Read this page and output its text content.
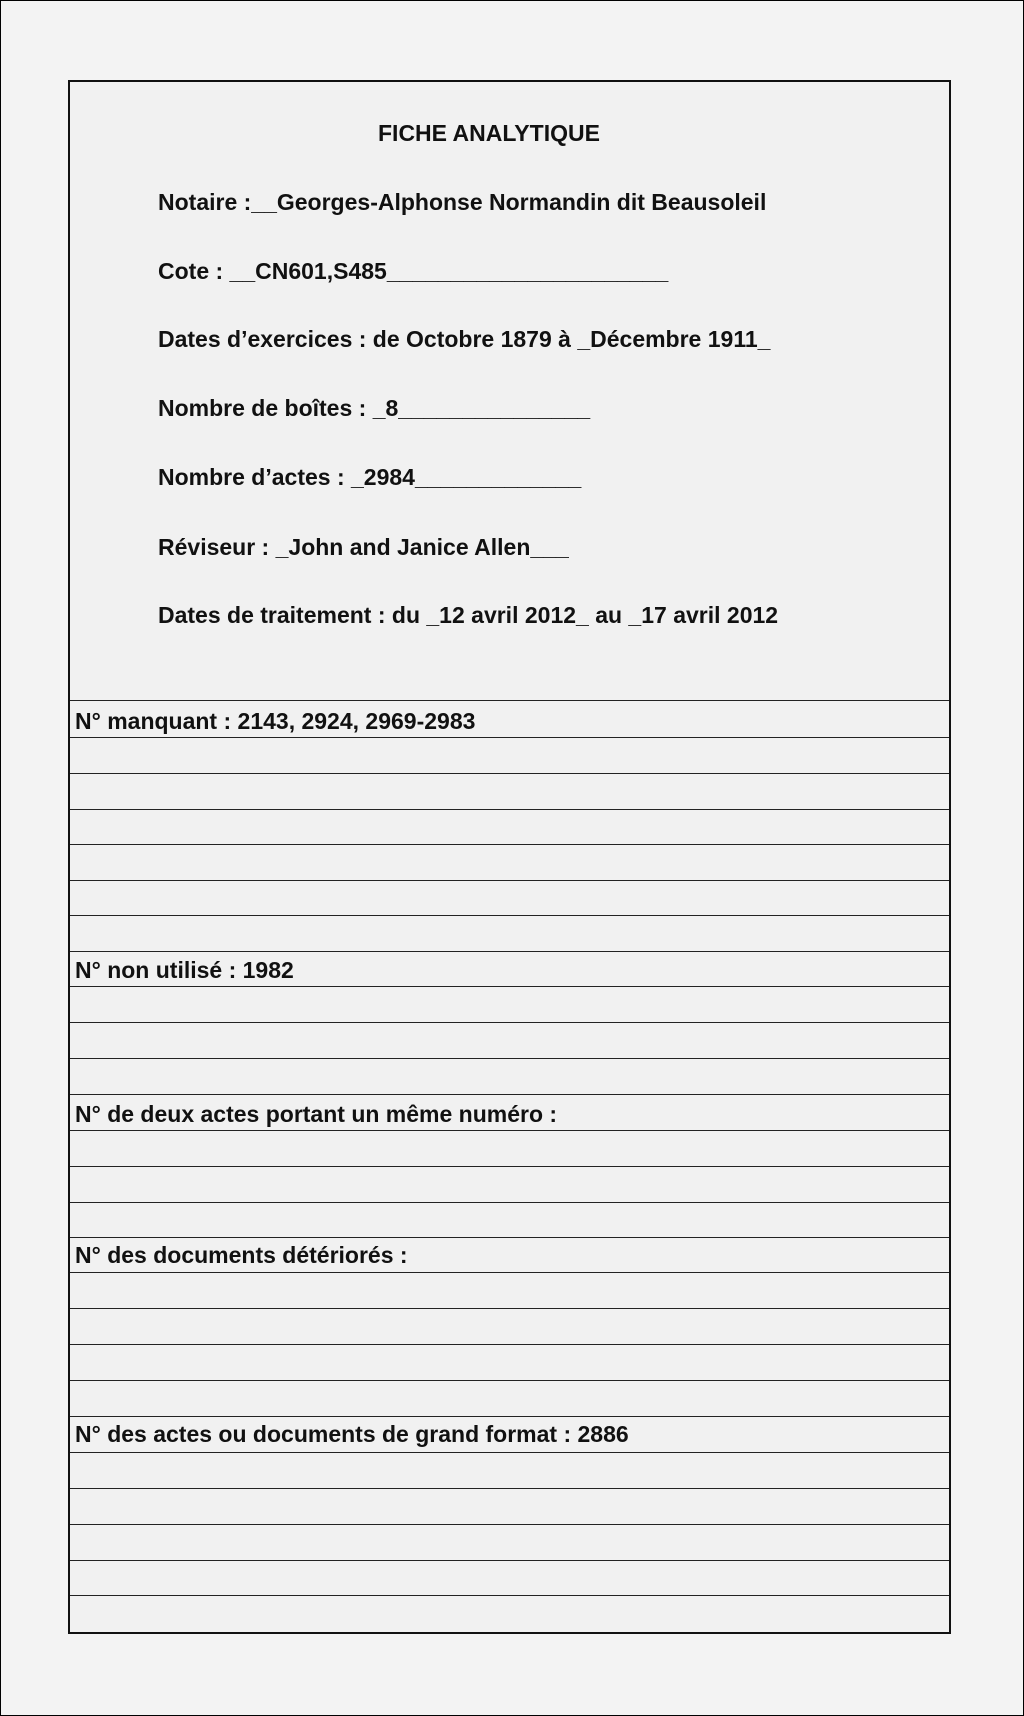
FICHE ANALYTIQUE
Notaire :__Georges-Alphonse Normandin dit Beausoleil
Cote : __CN601,S485______________________
Dates d’exercices : de Octobre 1879 à _Décembre 1911_
Nombre de boîtes : _8_______________
Nombre d’actes : _2984_____________
Réviseur : _John and Janice Allen___
Dates de traitement : du _12 avril 2012_ au _17 avril 2012
N° manquant : 2143, 2924, 2969-2983
N° non utilisé : 1982
N° de deux actes portant un même numéro :
N° des documents détériorés :
N° des actes ou documents de grand format : 2886
